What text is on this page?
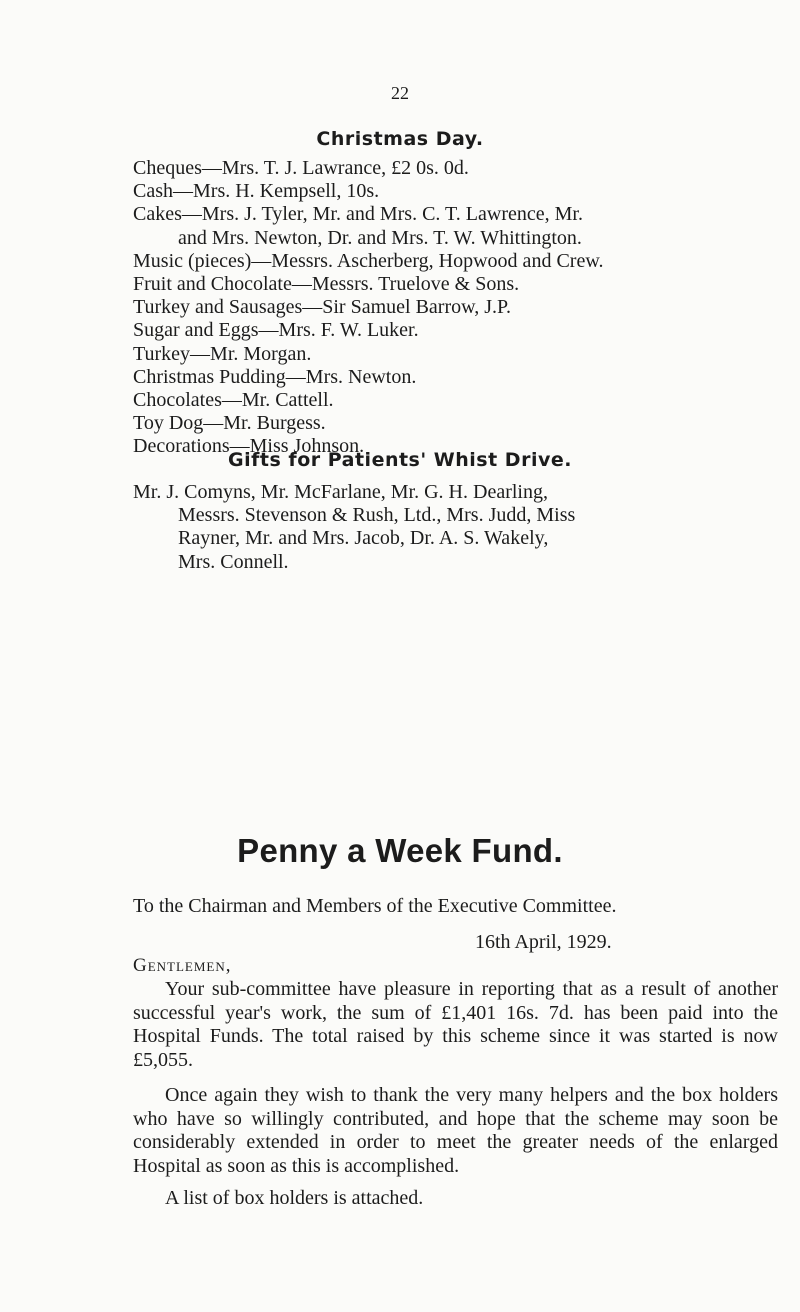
22
Christmas Day.
Cheques—Mrs. T. J. Lawrance, £2 0s. 0d.
Cash—Mrs. H. Kempsell, 10s.
Cakes—Mrs. J. Tyler, Mr. and Mrs. C. T. Lawrence, Mr.
and Mrs. Newton, Dr. and Mrs. T. W. Whittington.
Music (pieces)—Messrs. Ascherberg, Hopwood and Crew.
Fruit and Chocolate—Messrs. Truelove & Sons.
Turkey and Sausages—Sir Samuel Barrow, J.P.
Sugar and Eggs—Mrs. F. W. Luker.
Turkey—Mr. Morgan.
Christmas Pudding—Mrs. Newton.
Chocolates—Mr. Cattell.
Toy Dog—Mr. Burgess.
Decorations—Miss Johnson.
Gifts for Patients' Whist Drive.
Mr. J. Comyns, Mr. McFarlane, Mr. G. H. Dearling,
Messrs. Stevenson & Rush, Ltd., Mrs. Judd, Miss
Rayner, Mr. and Mrs. Jacob, Dr. A. S. Wakely,
Mrs. Connell.
Penny a Week Fund.
To the Chairman and Members of the Executive Committee.
16th April, 1929.
Gentlemen,

Your sub-committee have pleasure in reporting that as a result of another successful year's work, the sum of £1,401 16s. 7d. has been paid into the Hospital Funds. The total raised by this scheme since it was started is now £5,055.

Once again they wish to thank the very many helpers and the box holders who have so willingly contributed, and hope that the scheme may soon be considerably extended in order to meet the greater needs of the enlarged Hospital as soon as this is accomplished.

A list of box holders is attached.
